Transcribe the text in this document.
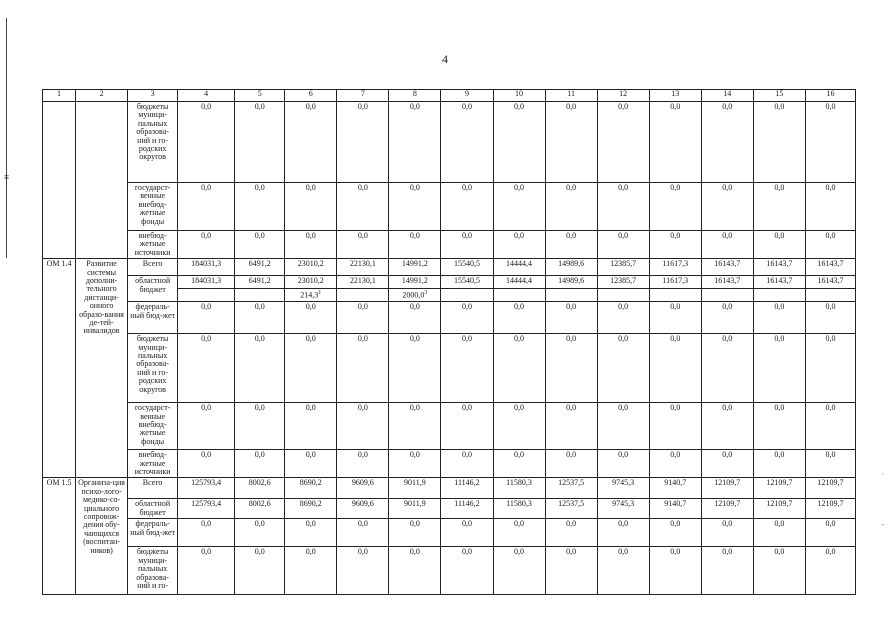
≡
·
-
4
1	2	3	4	5	6	7	8	9	10	11	12	13	14	15	16
		бюджеты муници-пальных образова-ний и го-родских округов	0,0	0,0	0,0	0,0	0,0	0,0	0,0	0,0	0,0	0,0	0,0	0,0	0,0
		государст-венные внебюд-жетные фонды	0,0	0,0	0,0	0,0	0,0	0,0	0,0	0,0	0,0	0,0	0,0	0,0	0,0
		внебюд-жетные источники	0,0	0,0	0,0	0,0	0,0	0,0	0,0	0,0	0,0	0,0	0,0	0,0	0,0
ОМ 1.4	Развитие системы дополни-тельного дистанци-онного образо-вания де-тей-инвалидов	Всего	184031,3	6491,2	23010,2	22130,1	14991,2	15540,5	14444,4	14989,6	12385,7	11617,3	16143,7	16143,7	16143,7
		областной бюджет	184031,3	6491,2	23010,2	22130,1	14991,2	15540,5	14444,4	14989,6	12385,7	11617,3	16143,7	16143,7	16143,7
					214,3$^1$		2000,0$^3$								
		федераль-ный бюд-жет	0,0	0,0	0,0	0,0	0,0	0,0	0,0	0,0	0,0	0,0	0,0	0,0	0,0
		бюджеты муници-пальных образова-ний и го-родских округов	0,0	0,0	0,0	0,0	0,0	0,0	0,0	0,0	0,0	0,0	0,0	0,0	0,0
		государст-венные внебюд-жетные фонды	0,0	0,0	0,0	0,0	0,0	0,0	0,0	0,0	0,0	0,0	0,0	0,0	0,0
		внебюд-жетные источники	0,0	0,0	0,0	0,0	0,0	0,0	0,0	0,0	0,0	0,0	0,0	0,0	0,0
ОМ 1.5	Организа-ция психо-лого-медико-со-циального сопровож-дения обу-чающихся (воспитан-ников)	Всего	125793,4	8002,6	8690,2	9609,6	9011,9	11146,2	11580,3	12537,5	9745,3	9140,7	12109,7	12109,7	12109,7
		областной бюджет	125793,4	8002,6	8690,2	9609,6	9011,9	11146,2	11580,3	12537,5	9745,3	9140,7	12109,7	12109,7	12109,7
		федераль-ный бюд-жет	0,0	0,0	0,0	0,0	0,0	0,0	0,0	0,0	0,0	0,0	0,0	0,0	0,0
		бюджеты муници-пальных образова-ний и го-	0,0	0,0	0,0	0,0	0,0	0,0	0,0	0,0	0,0	0,0	0,0	0,0	0,0
